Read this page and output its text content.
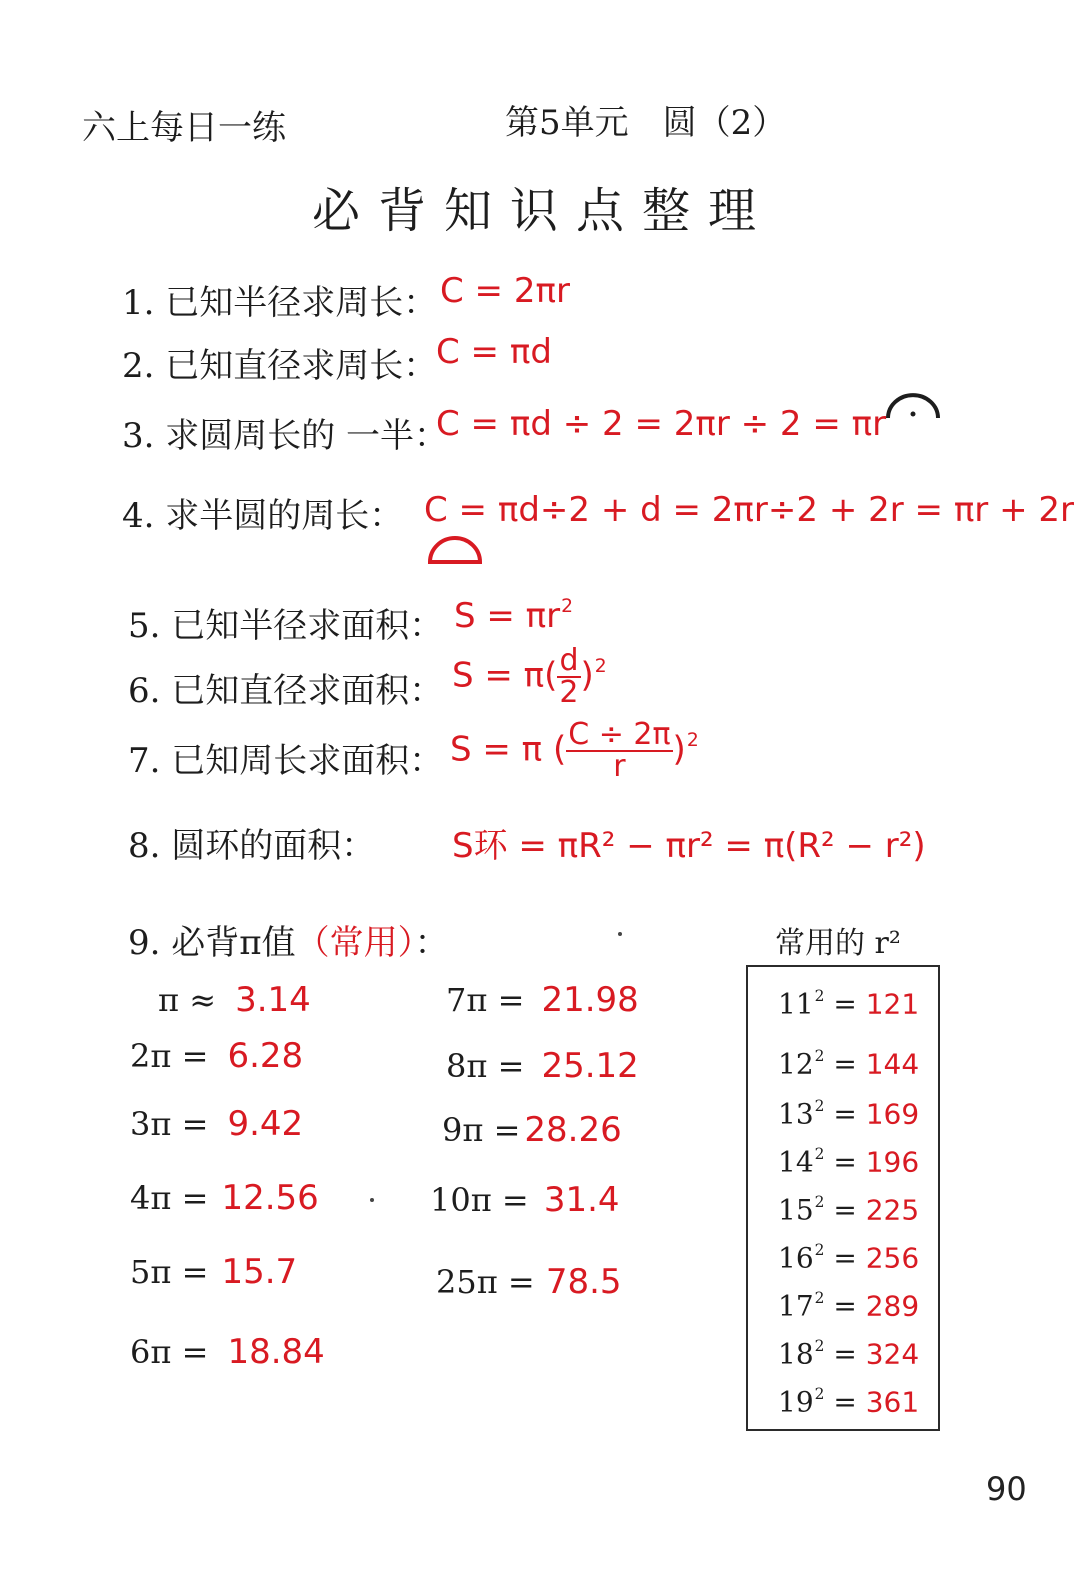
六上每日一练	第5单元　圆（2）
必背知识点整理
1. 已知半径求周长： C = 2πr
2. 已知直径求周长：
C = πd
3. 求圆周长的 一半：
C = πd ÷ 2 = 2πr ÷ 2 = πr
4. 求半圆的周长： C = πd÷2 + d = 2πr÷2 + 2r = πr + 2r
5. 已知半径求面积： $S = \pi r^2$
6. 已知直径求面积： $S = \pi( \frac{d}{2} )^2$
7. 已知周长求面积： S = π ( $\frac{C \div 2\pi}{r} )^2$
8. 圆环的面积： S环 = πR² − πr² = π(R² − r²)
9. 必背π值（常用）：
π ≈ 3.14
2π = 6.28
3π = 9.42
4π = 12.56
5π = 15.7
6π = 18.84
7π = 21.98
8π = 25.12
9π = 28.26
10π = 31.4
25π = 78.5
常用的 r²
$11^2 = 121$
$12^2 = 144$
$13^2 = 169$
$14^2 = 196$
$15^2 = 225$
$16^2 = 256$
$17^2 = 289$
$18^2 = 324$
$19^2 = 361$
90
